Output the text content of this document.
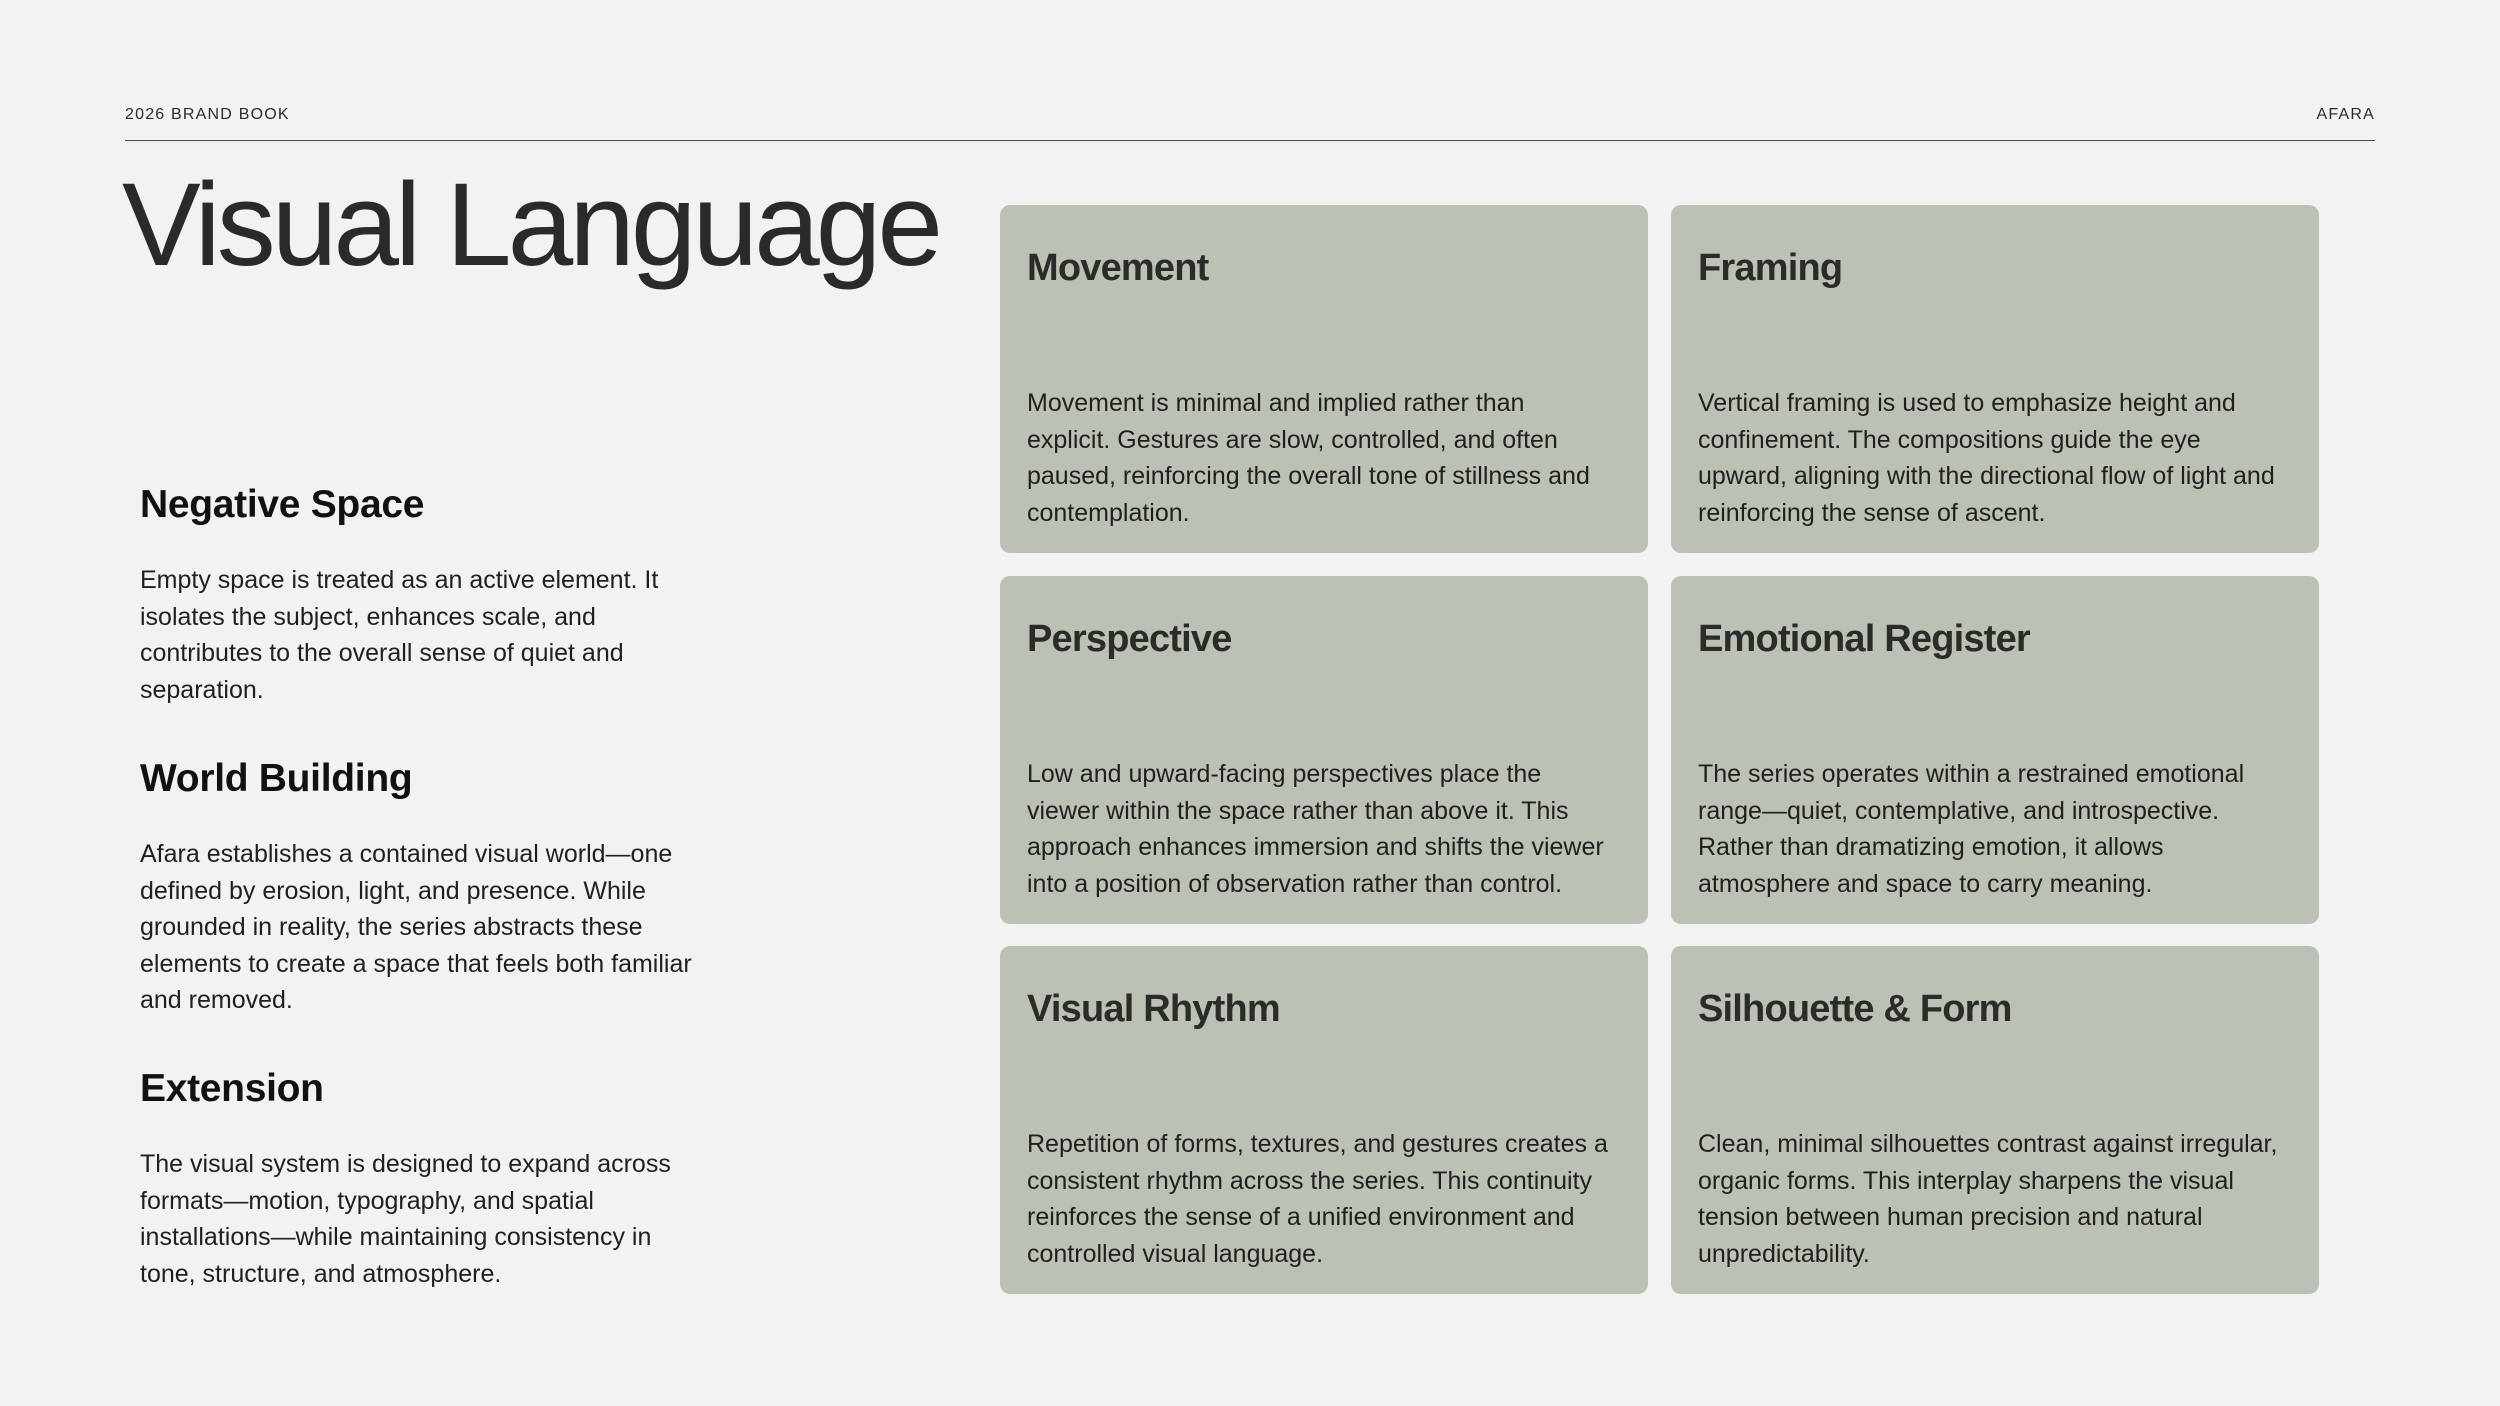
2026 BRAND BOOK	AFARA
Visual Language
Negative Space

Empty space is treated as an active element. It isolates the subject, enhances scale, and contributes to the overall sense of quiet and separation.

World Building

Afara establishes a contained visual world—one defined by erosion, light, and presence. While grounded in reality, the series abstracts these elements to create a space that feels both familiar and removed.

Extension

The visual system is designed to expand across formats—motion, typography, and spatial installations—while maintaining consistency in tone, structure, and atmosphere.

Movement

Movement is minimal and implied rather than explicit. Gestures are slow, controlled, and often paused, reinforcing the overall tone of stillness and contemplation.

Framing

Vertical framing is used to emphasize height and confinement. The compositions guide the eye upward, aligning with the directional flow of light and reinforcing the sense of ascent.

Perspective

Low and upward-facing perspectives place the viewer within the space rather than above it. This approach enhances immersion and shifts the viewer into a position of observation rather than control.

Emotional Register

The series operates within a restrained emotional range—quiet, contemplative, and introspective. Rather than dramatizing emotion, it allows atmosphere and space to carry meaning.

Visual Rhythm

Repetition of forms, textures, and gestures creates a consistent rhythm across the series. This continuity reinforces the sense of a unified environment and controlled visual language.

Silhouette & Form

Clean, minimal silhouettes contrast against irregular, organic forms. This interplay sharpens the visual tension between human precision and natural unpredictability.
